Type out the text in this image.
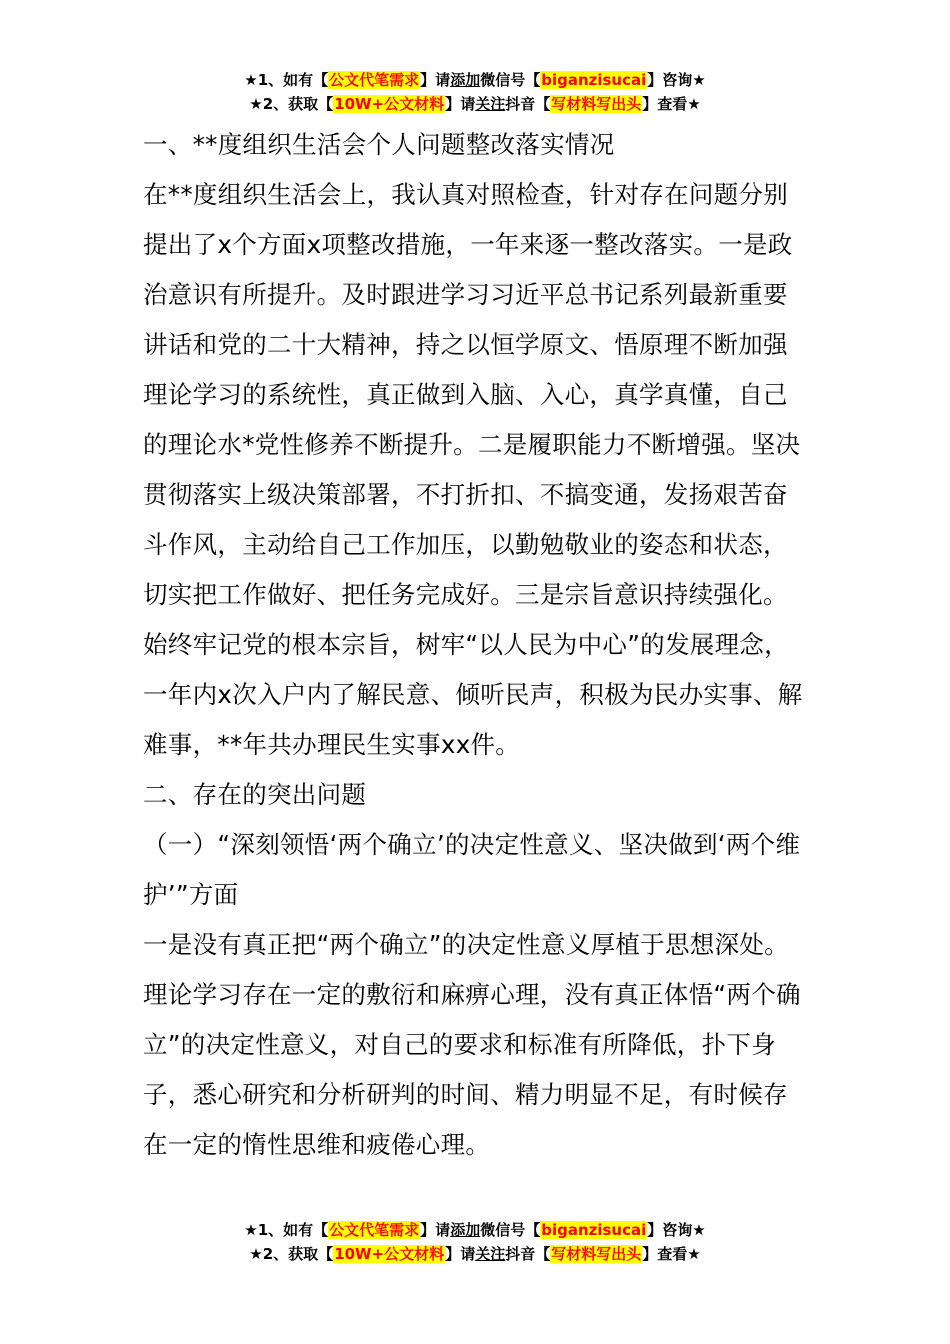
★1、如有【公文代笔需求】请添加微信号【biganzisucai】咨询★
★2、获取【10W+公文材料】请关注抖音【写材料写出头】查看★

一、**度组织生活会个人问题整改落实情况

在**度组织生活会上，我认真对照检查，针对存在问题分别提出了x个方面x项整改措施，一年来逐一整改落实。一是政治意识有所提升。及时跟进学习习近平总书记系列最新重要讲话和党的二十大精神，持之以恒学原文、悟原理不断加强理论学习的系统性，真正做到入脑、入心，真学真懂，自己的理论水*党性修养不断提升。二是履职能力不断增强。坚决贯彻落实上级决策部署，不打折扣、不搞变通，发扬艰苦奋斗作风，主动给自己工作加压，以勤勉敬业的姿态和状态，切实把工作做好、把任务完成好。三是宗旨意识持续强化。始终牢记党的根本宗旨，树牢“以人民为中心”的发展理念，一年内x次入户内了解民意、倾听民声，积极为民办实事、解难事，**年共办理民生实事xx件。

二、存在的突出问题

（一）“深刻领悟‘两个确立’的决定性意义、坚决做到‘两个维护’”方面

一是没有真正把“两个确立”的决定性意义厚植于思想深处。理论学习存在一定的敷衍和麻痹心理，没有真正体悟“两个确立”的决定性意义，对自己的要求和标准有所降低，扑下身子，悉心研究和分析研判的时间、精力明显不足，有时候存在一定的惰性思维和疲倦心理。

★1、如有【公文代笔需求】请添加微信号【biganzisucai】咨询★
★2、获取【10W+公文材料】请关注抖音【写材料写出头】查看★
